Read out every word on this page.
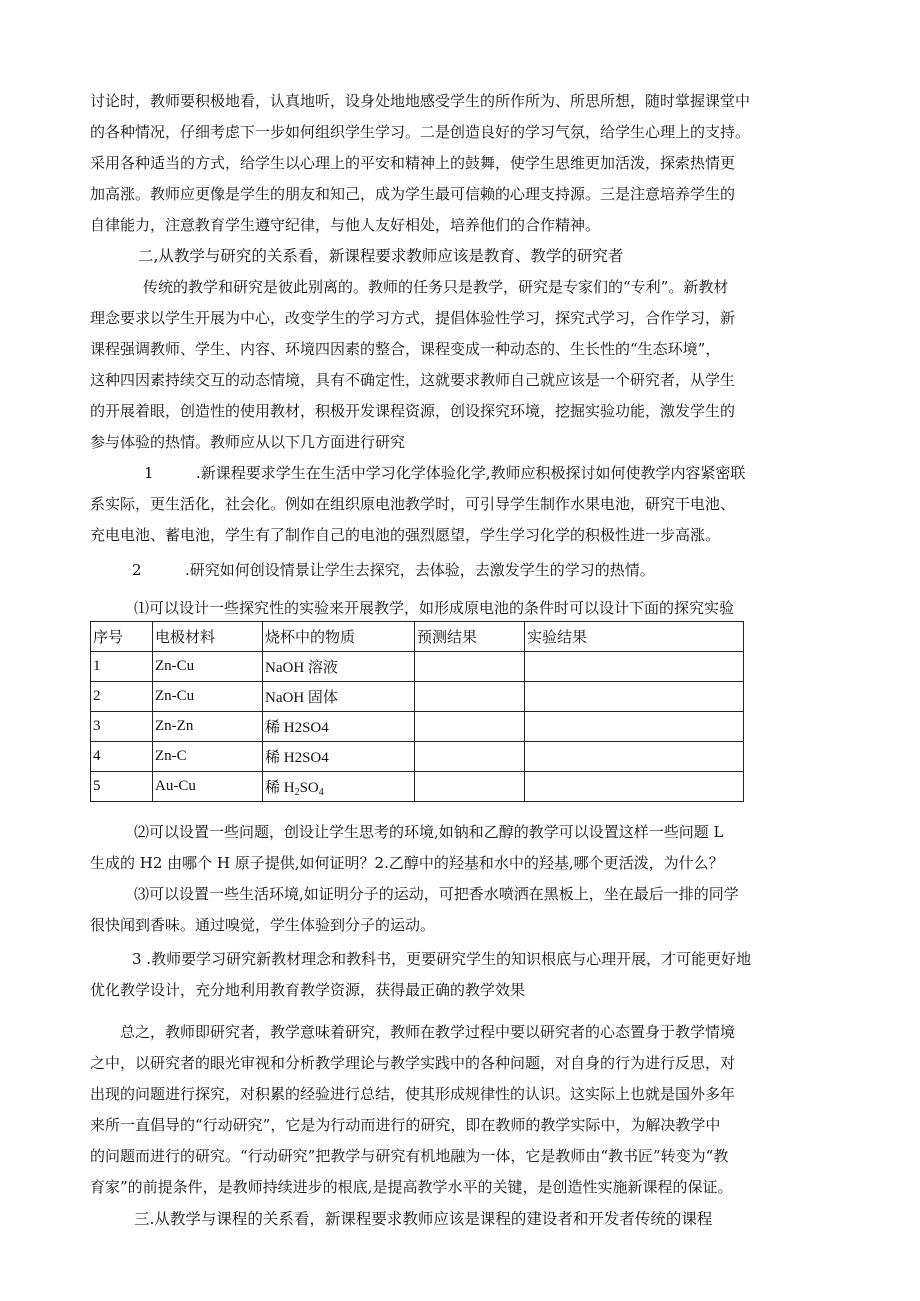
讨论时，教师要积极地看，认真地听，设身处地地感受学生的所作所为、所思所想，随时掌握课堂中
的各种情况，仔细考虑下一步如何组织学生学习。二是创造良好的学习气氛，给学生心理上的支持。
采用各种适当的方式，给学生以心理上的平安和精神上的鼓舞，使学生思维更加活泼，探索热情更
加高涨。教师应更像是学生的朋友和知己，成为学生最可信赖的心理支持源。三是注意培养学生的
自律能力，注意教育学生遵守纪律，与他人友好相处，培养他们的合作精神。
二,从教学与研究的关系看，新课程要求教师应该是教育、教学的研究者
传统的教学和研究是彼此别离的。教师的任务只是教学，研究是专家们的“专利”。新教材
理念要求以学生开展为中心，改变学生的学习方式，提倡体验性学习，探究式学习，合作学习，新
课程强调教师、学生、内容、环境四因素的整合，课程变成一种动态的、生长性的“生态环境”，
这种四因素持续交互的动态情境，具有不确定性，这就要求教师自己就应该是一个研究者，从学生
的开展着眼，创造性的使用教材，积极开发课程资源，创设探究环境，挖掘实验功能，激发学生的
参与体验的热情。教师应从以下几方面进行研究
1	.新课程要求学生在生活中学习化学体验化学,教师应积极探讨如何使教学内容紧密联
系实际，更生活化，社会化。例如在组织原电池教学时，可引导学生制作水果电池，研究干电池、
充电电池、蓄电池，学生有了制作自己的电池的强烈愿望，学生学习化学的积极性进一步高涨。
2	.研究如何创设情景让学生去探究，去体验，去激发学生的学习的热情。
⑴可以设计一些探究性的实验来开展教学，如形成原电池的条件时可以设计下面的探究实验
序号	电极材料	烧杯中的物质	预测结果	实验结果
1	Zn-Cu	NaOH 溶液		
2	Zn-Cu	NaOH 固体		
3	Zn-Zn	稀 H2SO4		
4	Zn-C	稀 H2SO4		
5	Au-Cu	稀 $H_2SO_4$		
⑵可以设置一些问题，创设让学生思考的环境,如钠和乙醇的教学可以设置这样一些问题 L
生成的 H2 由哪个 H 原子提供,如何证明？2.乙醇中的羟基和水中的羟基,哪个更活泼，为什么？
⑶可以设置一些生活环境,如证明分子的运动，可把香水喷洒在黑板上，坐在最后一排的同学
很快闻到香味。通过嗅觉，学生体验到分子的运动。
3 .教师要学习研究新教材理念和教科书，更要研究学生的知识根底与心理开展，才可能更好地
优化教学设计，充分地利用教育教学资源，获得最正确的教学效果
总之，教师即研究者，教学意味着研究，教师在教学过程中要以研究者的心态置身于教学情境
之中，以研究者的眼光审视和分析教学理论与教学实践中的各种问题，对自身的行为进行反思，对
出现的问题进行探究，对积累的经验进行总结，使其形成规律性的认识。这实际上也就是国外多年
来所一直倡导的“行动研究”，它是为行动而进行的研究，即在教师的教学实际中，为解决教学中
的问题而进行的研究。“行动研究”把教学与研究有机地融为一体，它是教师由“教书匠”转变为“教
育家”的前提条件，是教师持续进步的根底,是提高教学水平的关键，是创造性实施新课程的保证。
三.从教学与课程的关系看，新课程要求教师应该是课程的建设者和开发者传统的课程
